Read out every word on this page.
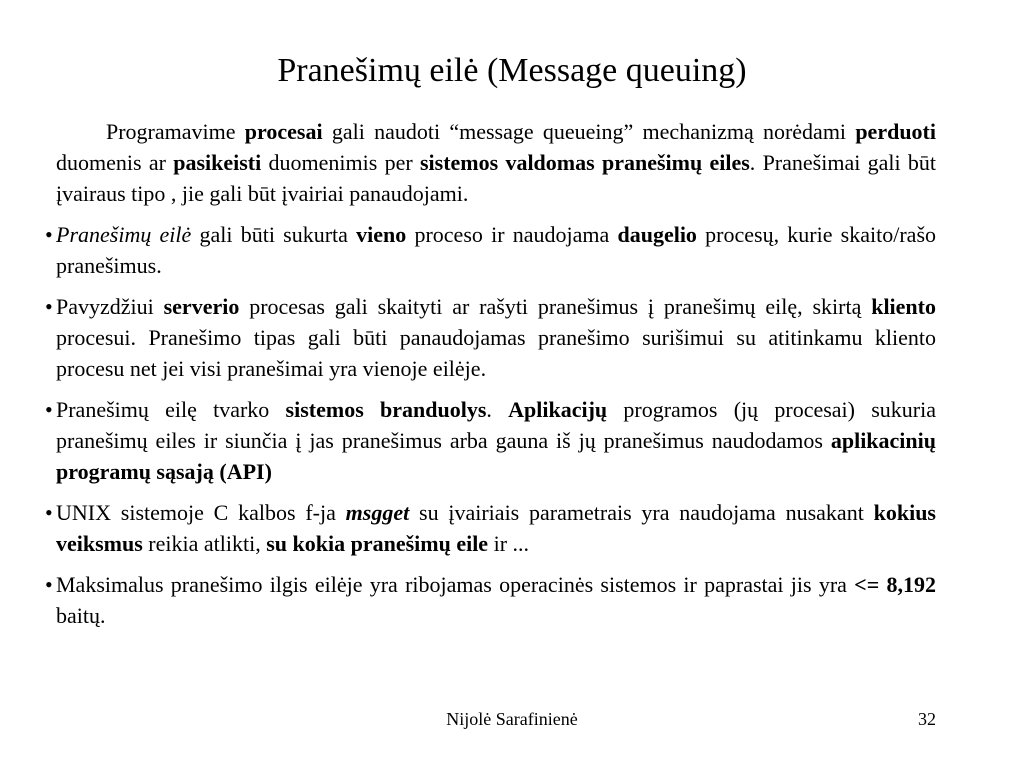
Pranešimų eilė (Message queuing)

Programavime procesai gali naudoti “message queueing” mechanizmą norėdami perduoti duomenis ar pasikeisti duomenimis per sistemos valdomas pranešimų eiles. Pranešimai gali būt įvairaus tipo , jie gali būt įvairiai panaudojami.

• Pranešimų eilė gali būti sukurta vieno proceso ir naudojama daugelio procesų, kurie skaito/rašo pranešimus.

• Pavyzdžiui serverio procesas gali skaityti ar rašyti pranešimus į pranešimų eilę, skirtą kliento procesui. Pranešimo tipas gali būti panaudojamas pranešimo surišimui su atitinkamu kliento procesu net jei visi pranešimai yra vienoje eilėje.

• Pranešimų eilę tvarko sistemos branduolys. Aplikacijų programos (jų procesai) sukuria pranešimų eiles ir siunčia į jas pranešimus arba gauna iš jų pranešimus naudodamos aplikacinių programų sąsają (API)

• UNIX sistemoje C kalbos f-ja msgget su įvairiais parametrais yra naudojama nusakant kokius veiksmus reikia atlikti, su kokia pranešimų eile ir ...

• Maksimalus pranešimo ilgis eilėje yra ribojamas operacinės sistemos ir paprastai jis yra <= 8,192 baitų.

Nijolė Sarafinienė	32
